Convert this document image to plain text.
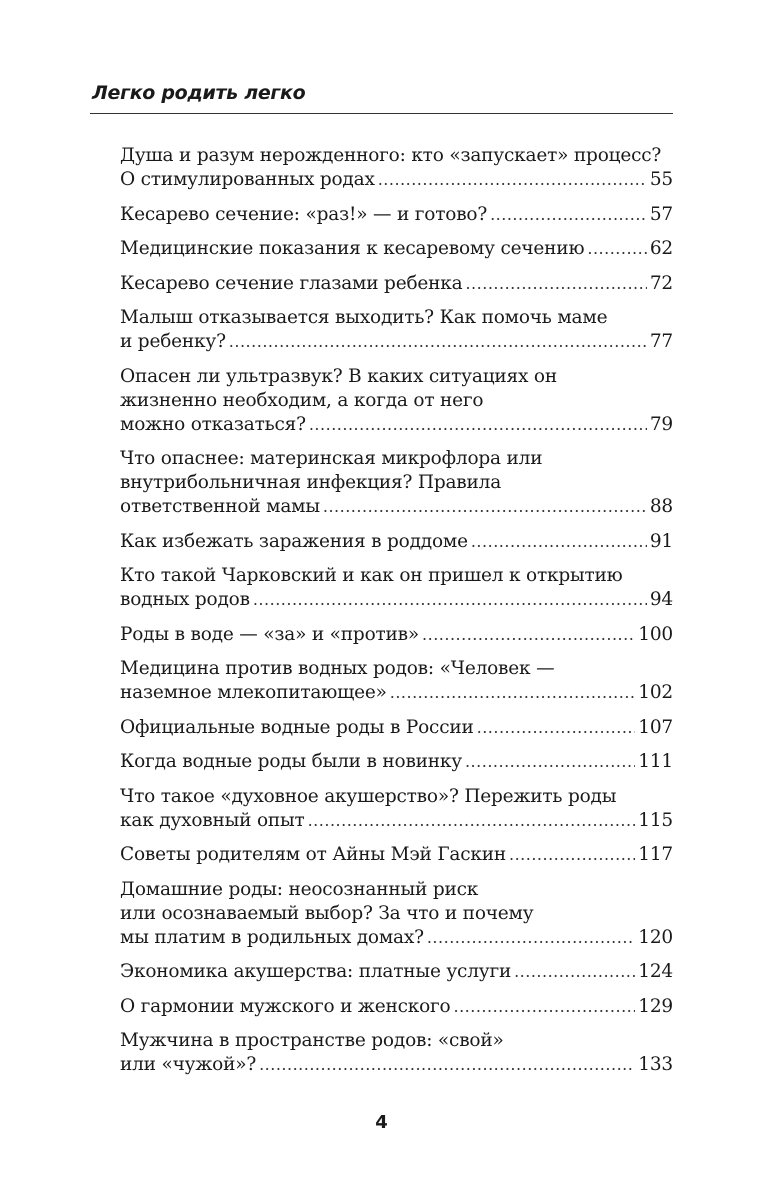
Легко родить легко
Душа и разум нерожденного: кто «запускает» процесс?
О стимулированных родах .....	55
Кесарево сечение: «раз!» — и готово? .....	57
Медицинские показания к кесаревому сечению .....	62
Кесарево сечение глазами ребенка .....	72
Малыш отказывается выходить? Как помочь маме
и ребенку? .....	77
Опасен ли ультразвук? В каких ситуациях он
жизненно необходим, а когда от него
можно отказаться? .....	79
Что опаснее: материнская микрофлора или
внутрибольничная инфекция? Правила
ответственной мамы .....	88
Как избежать заражения в роддоме .....	91
Кто такой Чарковский и как он пришел к открытию
водных родов .....	94
Роды в воде — «за» и «против» .....	100
Медицина против водных родов: «Человек —
наземное млекопитающее» .....	102
Официальные водные роды в России .....	107
Когда водные роды были в новинку .....	111
Что такое «духовное акушерство»? Пережить роды
как духовный опыт .....	115
Советы родителям от Айны Мэй Гаскин .....	117
Домашние роды: неосознанный риск
или осознаваемый выбор? За что и почему
мы платим в родильных домах? .....	120
Экономика акушерства: платные услуги .....	124
О гармонии мужского и женского .....	129
Мужчина в пространстве родов: «свой»
или «чужой»? .....	133
4
